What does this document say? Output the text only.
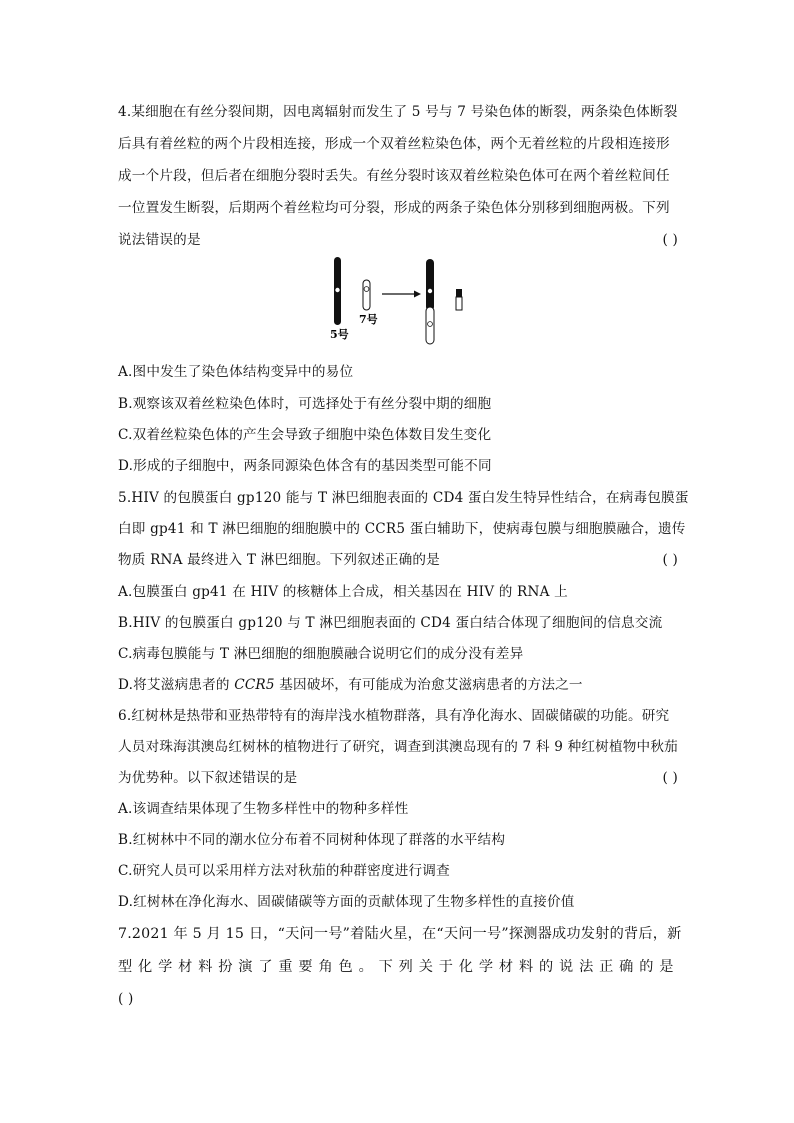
4.某细胞在有丝分裂间期，因电离辐射而发生了 5 号与 7 号染色体的断裂，两条染色体断裂
后具有着丝粒的两个片段相连接，形成一个双着丝粒染色体，两个无着丝粒的片段相连接形
成一个片段，但后者在细胞分裂时丢失。有丝分裂时该双着丝粒染色体可在两个着丝粒间任
一位置发生断裂，后期两个着丝粒均可分裂，形成的两条子染色体分别移到细胞两极。下列
说法错误的是	( )
5号
7号
A.图中发生了染色体结构变异中的易位
B.观察该双着丝粒染色体时，可选择处于有丝分裂中期的细胞
C.双着丝粒染色体的产生会导致子细胞中染色体数目发生变化
D.形成的子细胞中，两条同源染色体含有的基因类型可能不同
5.HIV 的包膜蛋白 gp120 能与 T 淋巴细胞表面的 CD4 蛋白发生特异性结合，在病毒包膜蛋
白即 gp41 和 T 淋巴细胞的细胞膜中的 CCR5 蛋白辅助下，使病毒包膜与细胞膜融合，遗传
物质 RNA 最终进入 T 淋巴细胞。下列叙述正确的是	( )
A.包膜蛋白 gp41 在 HIV 的核糖体上合成，相关基因在 HIV 的 RNA 上
B.HIV 的包膜蛋白 gp120 与 T 淋巴细胞表面的 CD4 蛋白结合体现了细胞间的信息交流
C.病毒包膜能与 T 淋巴细胞的细胞膜融合说明它们的成分没有差异
D.将艾滋病患者的 CCR5 基因破坏，有可能成为治愈艾滋病患者的方法之一
6.红树林是热带和亚热带特有的海岸浅水植物群落，具有净化海水、固碳储碳的功能。研究
人员对珠海淇澳岛红树林的植物进行了研究，调查到淇澳岛现有的 7 科 9 种红树植物中秋茄
为优势种。以下叙述错误的是	( )
A.该调查结果体现了生物多样性中的物种多样性
B.红树林中不同的潮水位分布着不同树种体现了群落的水平结构
C.研究人员可以采用样方法对秋茄的种群密度进行调查
D.红树林在净化海水、固碳储碳等方面的贡献体现了生物多样性的直接价值
7.2021 年 5 月 15 日，“天问一号”着陆火星，在“天问一号”探测器成功发射的背后，新
型 化 学 材 料 扮 演 了 重 要 角 色 。 下 列 关 于 化 学 材 料 的 说 法 正 确 的 是
( )
